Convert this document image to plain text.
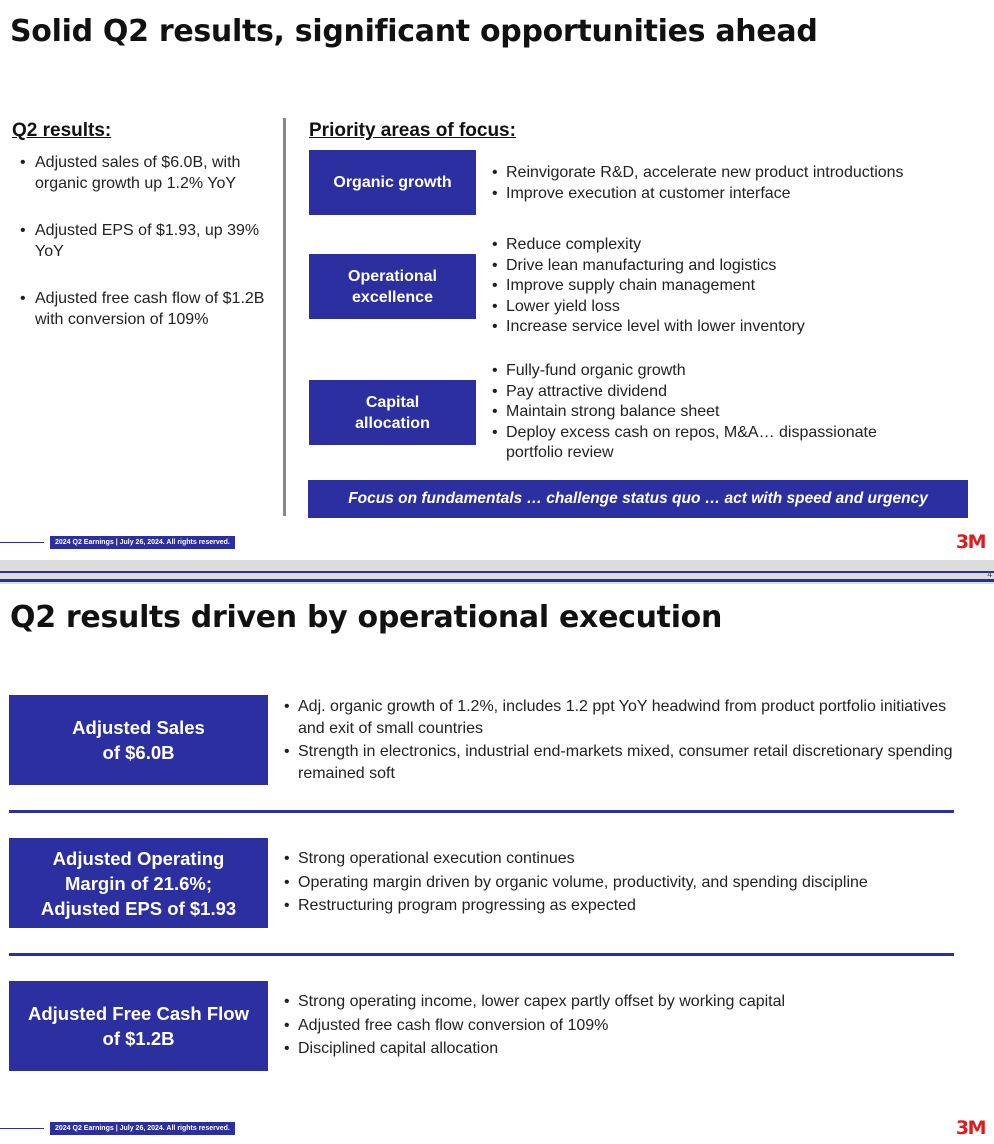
Solid Q2 results, significant opportunities ahead
Q2 results:
• Adjusted sales of $6.0B, with organic growth up 1.2% YoY
• Adjusted EPS of $1.93, up 39% YoY
• Adjusted free cash flow of $1.2B with conversion of 109%
Priority areas of focus:
Organic growth
• Reinvigorate R&D, accelerate new product introductions
• Improve execution at customer interface
Operational excellence
• Reduce complexity
• Drive lean manufacturing and logistics
• Improve supply chain management
• Lower yield loss
• Increase service level with lower inventory
Capital allocation
• Fully-fund organic growth
• Pay attractive dividend
• Maintain strong balance sheet
• Deploy excess cash on repos, M&A… dispassionate portfolio review
Focus on fundamentals … challenge status quo … act with speed and urgency
2024 Q2 Earnings | July 26, 2024. All rights reserved.	3M
4
Q2 results driven by operational execution
Adjusted Sales of $6.0B
• Adj. organic growth of 1.2%, includes 1.2 ppt YoY headwind from product portfolio initiatives and exit of small countries
• Strength in electronics, industrial end-markets mixed, consumer retail discretionary spending remained soft
Adjusted Operating Margin of 21.6%; Adjusted EPS of $1.93
• Strong operational execution continues
• Operating margin driven by organic volume, productivity, and spending discipline
• Restructuring program progressing as expected
Adjusted Free Cash Flow of $1.2B
• Strong operating income, lower capex partly offset by working capital
• Adjusted free cash flow conversion of 109%
• Disciplined capital allocation
2024 Q2 Earnings | July 26, 2024. All rights reserved.	3M
